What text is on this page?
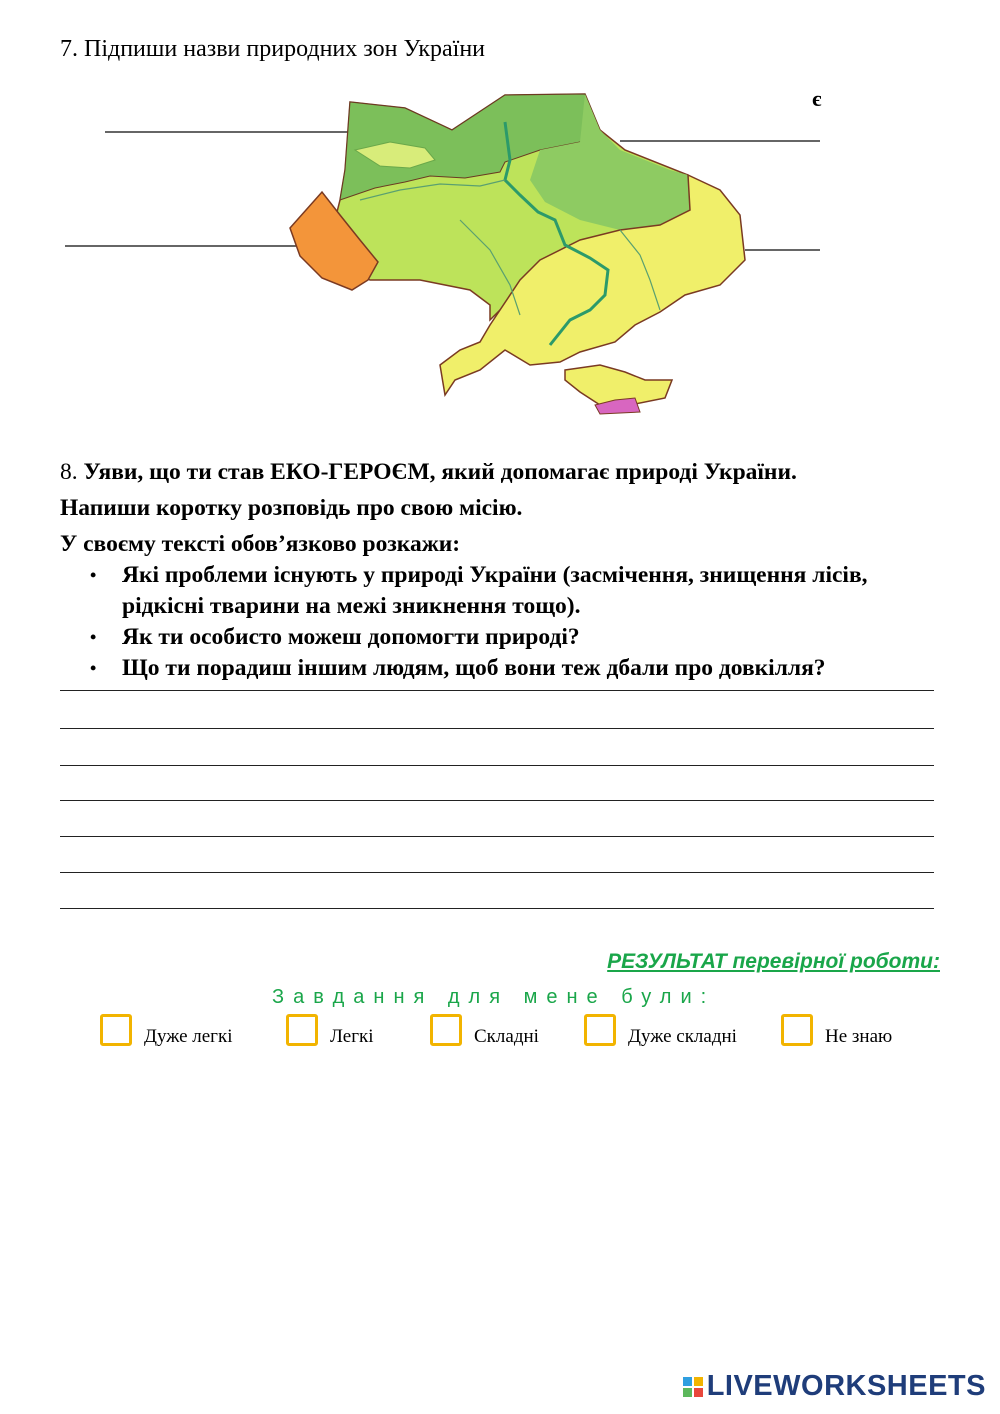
7. Підпиши назви природних зон України
є
8. Уяви, що ти став ЕКО-ГЕРОЄМ, який допомагає природі України.
Напиши коротку розповідь про свою місію.
У своєму тексті обов’язково розкажи:
• Які проблеми існують у природі України (засмічення, знищення лісів, рідкісні тварини на межі зникнення тощо).
• Як ти особисто можеш допомогти природі?
• Що ти порадиш іншим людям, щоб вони теж дбали про довкілля?
РЕЗУЛЬТАТ перевірної роботи:
Завдання для мене були:
Дуже легкі	Легкі	Складні	Дуже складні	Не знаю
LIVEWORKSHEETS
